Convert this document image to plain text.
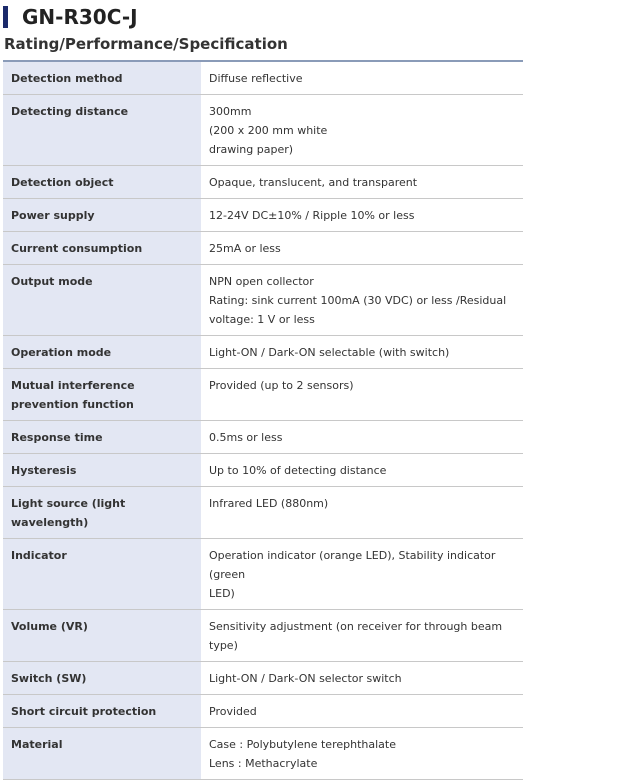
GN-R30C-J
Rating/Performance/Specification
Detection method	Diffuse reflective

Detecting distance	300mm
(200 x 200 mm white
drawing paper)

Detection object	Opaque, translucent, and transparent

Power supply	12-24V DC±10% / Ripple 10% or less

Current consumption	25mA or less

Output mode	NPN open collector
Rating: sink current 100mA (30 VDC) or less /Residual
voltage: 1 V or less

Operation mode	Light-ON / Dark-ON selectable (with switch)

Mutual interference prevention function	Provided (up to 2 sensors)

Response time	0.5ms or less

Hysteresis	Up to 10% of detecting distance

Light source (light wavelength)	Infrared LED (880nm)

Indicator	Operation indicator (orange LED), Stability indicator (green
LED)

Volume (VR)	Sensitivity adjustment (on receiver for through beam type)

Switch (SW)	Light-ON / Dark-ON selector switch

Short circuit protection	Provided

Material	Case : Polybutylene terephthalate
Lens : Methacrylate
